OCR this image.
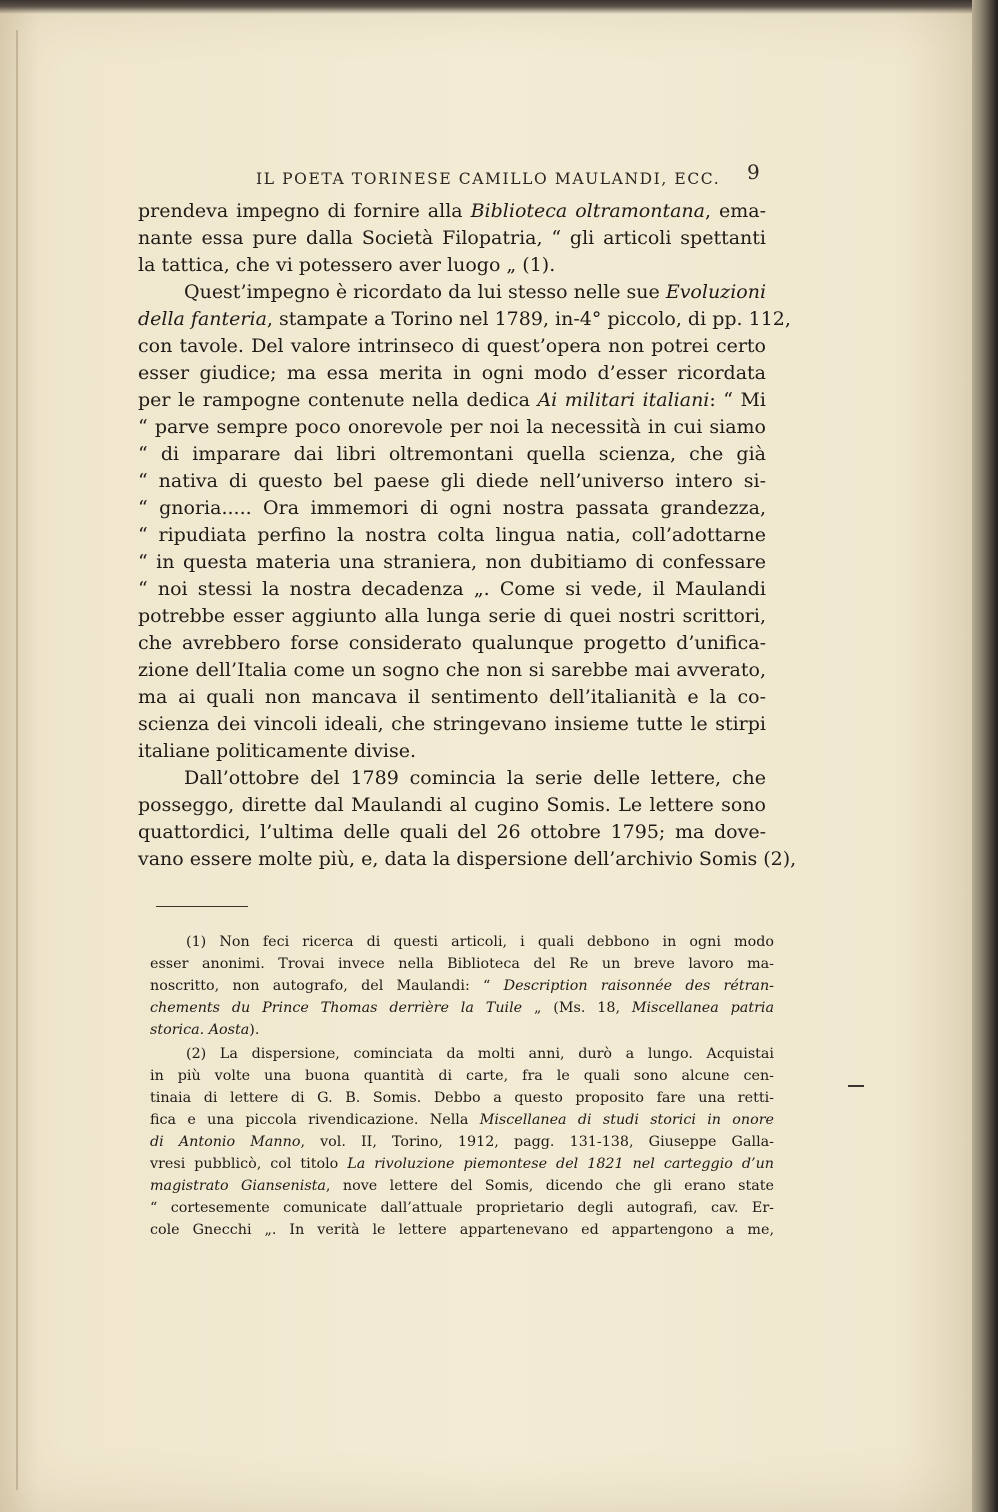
IL POETA TORINESE CAMILLO MAULANDI, ECC. 9
prendeva impegno di fornire alla Biblioteca oltramontana, ema-
nante essa pure dalla Società Filopatria, “ gli articoli spettanti
la tattica, che vi potessero aver luogo „ (1).
Quest’impegno è ricordato da lui stesso nelle sue Evoluzioni
della fanteria, stampate a Torino nel 1789, in-4° piccolo, di pp. 112,
con tavole. Del valore intrinseco di quest’opera non potrei certo
esser giudice; ma essa merita in ogni modo d’esser ricordata
per le rampogne contenute nella dedica Ai militari italiani: “ Mi
“ parve sempre poco onorevole per noi la necessità in cui siamo
“ di imparare dai libri oltremontani quella scienza, che già
“ nativa di questo bel paese gli diede nell’universo intero si-
“ gnoria..... Ora immemori di ogni nostra passata grandezza,
“ ripudiata perfino la nostra colta lingua natia, coll’adottarne
“ in questa materia una straniera, non dubitiamo di confessare
“ noi stessi la nostra decadenza „. Come si vede, il Maulandi
potrebbe esser aggiunto alla lunga serie di quei nostri scrittori,
che avrebbero forse considerato qualunque progetto d’unifica-
zione dell’Italia come un sogno che non si sarebbe mai avverato,
ma ai quali non mancava il sentimento dell’italianità e la co-
scienza dei vincoli ideali, che stringevano insieme tutte le stirpi
italiane politicamente divise.
Dall’ottobre del 1789 comincia la serie delle lettere, che
posseggo, dirette dal Maulandi al cugino Somis. Le lettere sono
quattordici, l’ultima delle quali del 26 ottobre 1795; ma dove-
vano essere molte più, e, data la dispersione dell’archivio Somis (2),
(1) Non feci ricerca di questi articoli, i quali debbono in ogni modo
esser anonimi. Trovai invece nella Biblioteca del Re un breve lavoro ma-
noscritto, non autografo, del Maulandi: “ Description raisonnée des rétran-
chements du Prince Thomas derrière la Tuile „ (Ms. 18, Miscellanea patria
storica. Aosta).
(2) La dispersione, cominciata da molti anni, durò a lungo. Acquistai
in più volte una buona quantità di carte, fra le quali sono alcune cen-
tinaia di lettere di G. B. Somis. Debbo a questo proposito fare una retti-
fica e una piccola rivendicazione. Nella Miscellanea di studi storici in onore
di Antonio Manno, vol. II, Torino, 1912, pagg. 131-138, Giuseppe Galla-
vresi pubblicò, col titolo La rivoluzione piemontese del 1821 nel carteggio d’un
magistrato Giansenista, nove lettere del Somis, dicendo che gli erano state
“ cortesemente comunicate dall’attuale proprietario degli autografi, cav. Er-
cole Gnecchi „. In verità le lettere appartenevano ed appartengono a me,
